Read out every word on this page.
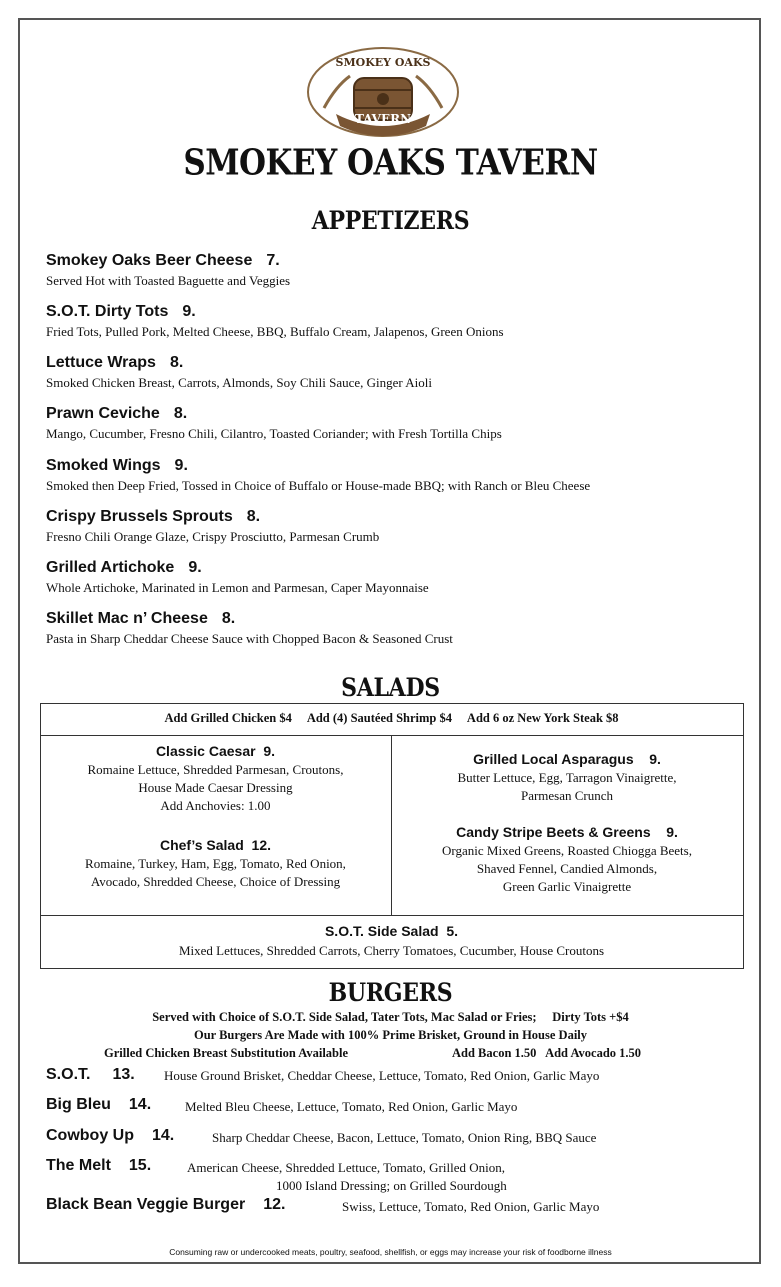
SMOKEY OAKS
TAVERN
SMOKEY OAKS TAVERN
APPETIZERS
Smokey Oaks Beer Cheese 7.
Served Hot with Toasted Baguette and Veggies
S.O.T. Dirty Tots 9.
Fried Tots, Pulled Pork, Melted Cheese, BBQ, Buffalo Cream, Jalapenos, Green Onions
Lettuce Wraps 8.
Smoked Chicken Breast, Carrots, Almonds, Soy Chili Sauce, Ginger Aioli
Prawn Ceviche 8.
Mango, Cucumber, Fresno Chili, Cilantro, Toasted Coriander; with Fresh Tortilla Chips
Smoked Wings 9.
Smoked then Deep Fried, Tossed in Choice of Buffalo or House-made BBQ; with Ranch or Bleu Cheese
Crispy Brussels Sprouts 8.
Fresno Chili Orange Glaze, Crispy Prosciutto, Parmesan Crumb
Grilled Artichoke 9.
Whole Artichoke, Marinated in Lemon and Parmesan, Caper Mayonnaise
Skillet Mac n’ Cheese 8.
Pasta in Sharp Cheddar Cheese Sauce with Chopped Bacon & Seasoned Crust
SALADS
Add Grilled Chicken $4     Add (4) Sautéed Shrimp $4     Add 6 oz New York Steak $8
Classic Caesar 9.
Romaine Lettuce, Shredded Parmesan, Croutons,
House Made Caesar Dressing
Add Anchovies: 1.00
Chef’s Salad 12.
Romaine, Turkey, Ham, Egg, Tomato, Red Onion,
Avocado, Shredded Cheese, Choice of Dressing
Grilled Local Asparagus 9.
Butter Lettuce, Egg, Tarragon Vinaigrette,
Parmesan Crunch
Candy Stripe Beets & Greens 9.
Organic Mixed Greens, Roasted Chiogga Beets,
Shaved Fennel, Candied Almonds,
Green Garlic Vinaigrette
S.O.T. Side Salad 5.
Mixed Lettuces, Shredded Carrots, Cherry Tomatoes, Cucumber, House Croutons
BURGERS
Served with Choice of S.O.T. Side Salad, Tater Tots, Mac Salad or Fries;     Dirty Tots +$4
Our Burgers Are Made with 100% Prime Brisket, Ground in House Daily
Grilled Chicken Breast Substitution Available	Add Bacon 1.50   Add Avocado 1.50
S.O.T. 13. House Ground Brisket, Cheddar Cheese, Lettuce, Tomato, Red Onion, Garlic Mayo
Big Bleu 14.	Melted Bleu Cheese, Lettuce, Tomato, Red Onion, Garlic Mayo
Cowboy Up 14.	Sharp Cheddar Cheese, Bacon, Lettuce, Tomato, Onion Ring, BBQ Sauce
The Melt 15.	American Cheese, Shredded Lettuce, Tomato, Grilled Onion,
1000 Island Dressing; on Grilled Sourdough
Black Bean Veggie Burger 12.	Swiss, Lettuce, Tomato, Red Onion, Garlic Mayo
Consuming raw or undercooked meats, poultry, seafood, shellfish, or eggs may increase your risk of foodborne illness
